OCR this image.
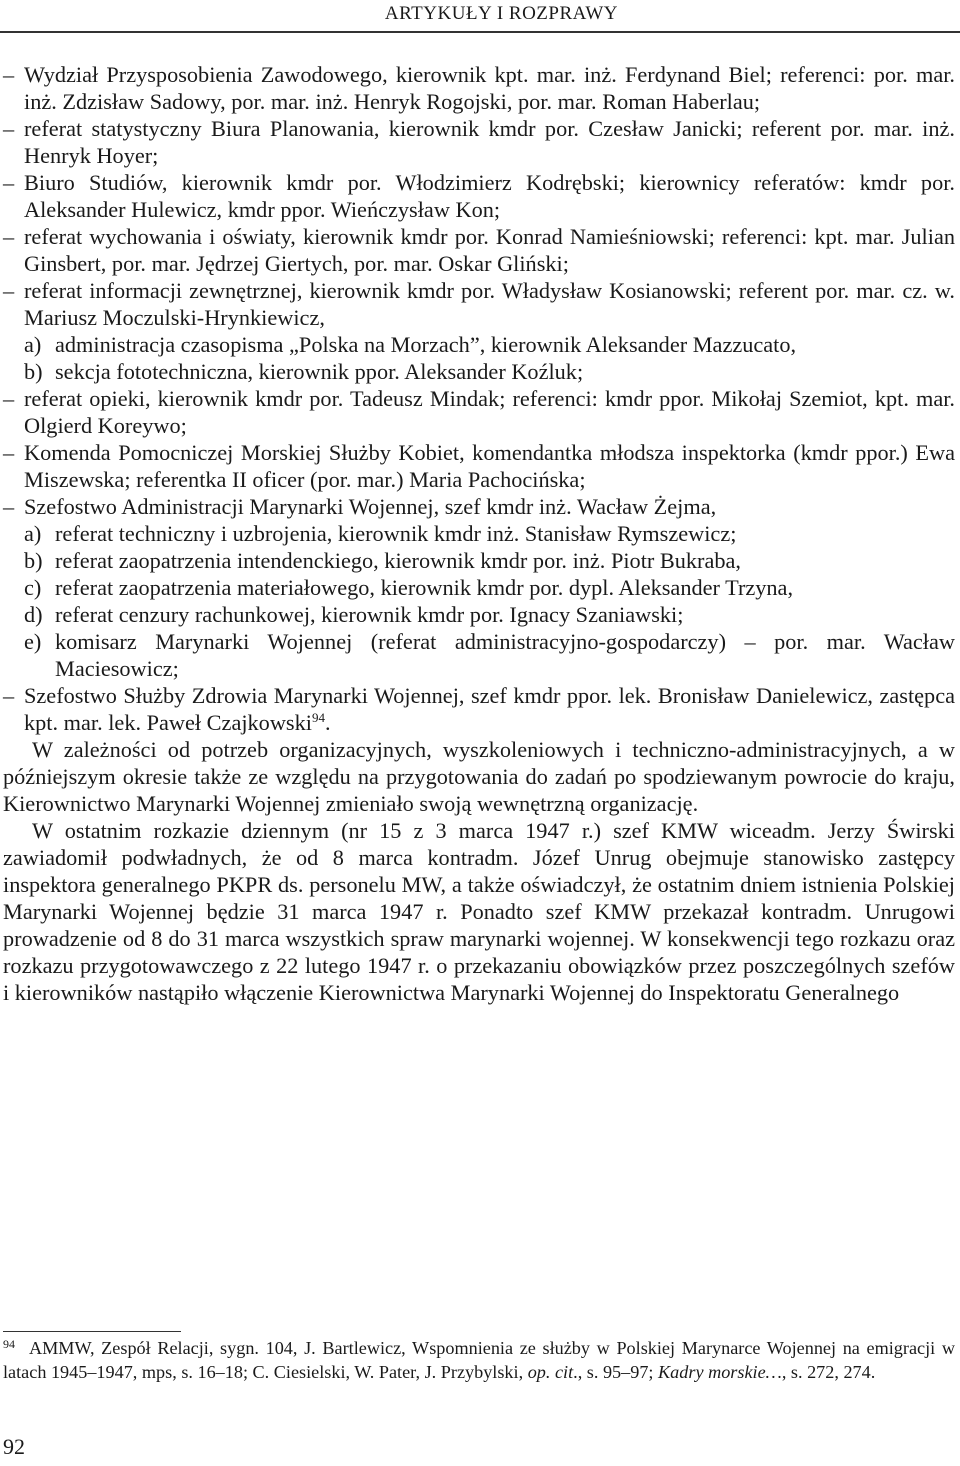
ARTYKUŁY I ROZPRAWY
– Wydział Przysposobienia Zawodowego, kierownik kpt. mar. inż. Ferdynand Biel; referenci: por. mar. inż. Zdzisław Sadowy, por. mar. inż. Henryk Rogojski, por. mar. Roman Haberlau;
– referat statystyczny Biura Planowania, kierownik kmdr por. Czesław Janicki; referent por. mar. inż. Henryk Hoyer;
– Biuro Studiów, kierownik kmdr por. Włodzimierz Kodrębski; kierownicy referatów: kmdr por. Aleksander Hulewicz, kmdr ppor. Wieńczysław Kon;
– referat wychowania i oświaty, kierownik kmdr por. Konrad Namieśniowski; referenci: kpt. mar. Julian Ginsbert, por. mar. Jędrzej Giertych, por. mar. Oskar Gliński;
– referat informacji zewnętrznej, kierownik kmdr por. Władysław Kosianowski; referent por. mar. cz. w. Mariusz Moczulski-Hrynkiewicz,
a) administracja czasopisma „Polska na Morzach”, kierownik Aleksander Mazzucato,
b) sekcja fototechniczna, kierownik ppor. Aleksander Koźluk;
– referat opieki, kierownik kmdr por. Tadeusz Mindak; referenci: kmdr ppor. Mikołaj Szemiot, kpt. mar. Olgierd Koreywo;
– Komenda Pomocniczej Morskiej Służby Kobiet, komendantka młodsza inspektorka (kmdr ppor.) Ewa Miszewska; referentka II oficer (por. mar.) Maria Pachocińska;
– Szefostwo Administracji Marynarki Wojennej, szef kmdr inż. Wacław Żejma,
a) referat techniczny i uzbrojenia, kierownik kmdr inż. Stanisław Rymszewicz;
b) referat zaopatrzenia intendenckiego, kierownik kmdr por. inż. Piotr Bukraba,
c) referat zaopatrzenia materiałowego, kierownik kmdr por. dypl. Aleksander Trzyna,
d) referat cenzury rachunkowej, kierownik kmdr por. Ignacy Szaniawski;
e) komisarz Marynarki Wojennej (referat administracyjno-gospodarczy) – por. mar. Wacław Maciesowicz;
– Szefostwo Służby Zdrowia Marynarki Wojennej, szef kmdr ppor. lek. Bronisław Danielewicz, zastępca kpt. mar. lek. Paweł Czajkowski$^{94}$.

W zależności od potrzeb organizacyjnych, wyszkoleniowych i techniczno-administracyjnych, a w późniejszym okresie także ze względu na przygotowania do zadań po spodziewanym powrocie do kraju, Kierownictwo Marynarki Wojennej zmieniało swoją wewnętrzną organizację.

W ostatnim rozkazie dziennym (nr 15 z 3 marca 1947 r.) szef KMW wiceadm. Jerzy Świrski zawiadomił podwładnych, że od 8 marca kontradm. Józef Unrug obejmuje stanowisko zastępcy inspektora generalnego PKPR ds. personelu MW, a także oświadczył, że ostatnim dniem istnienia Polskiej Marynarki Wojennej będzie 31 marca 1947 r. Ponadto szef KMW przekazał kontradm. Unrugowi prowadzenie od 8 do 31 marca wszystkich spraw marynarki wojennej. W konsekwencji tego rozkazu oraz rozkazu przygotowawczego z 22 lutego 1947 r. o przekazaniu obowiązków przez poszczególnych szefów i kierowników nastąpiło włączenie Kierownictwa Marynarki Wojennej do Inspektoratu Generalnego

$^{94}$ AMMW, Zespół Relacji, sygn. 104, J. Bartlewicz, Wspomnienia ze służby w Polskiej Marynarce Wojennej na emigracji w latach 1945–1947, mps, s. 16–18; C. Ciesielski, W. Pater, J. Przybylski, op. cit., s. 95–97; Kadry morskie…, s. 272, 274.
92
